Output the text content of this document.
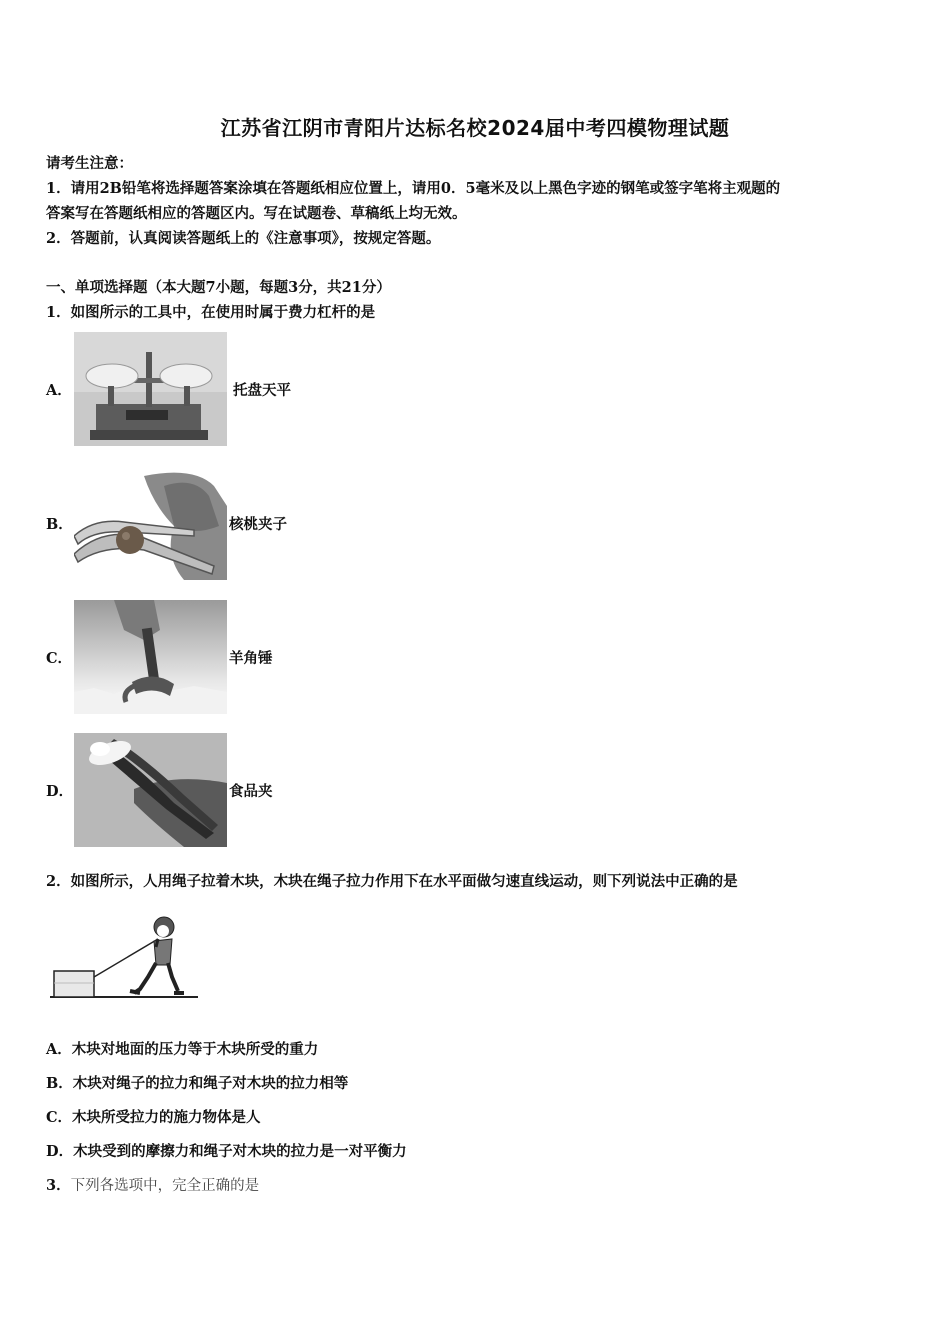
江苏省江阴市青阳片达标名校2024届中考四模物理试题
请考生注意：
1．请用2B铅笔将选择题答案涂填在答题纸相应位置上，请用0．5毫米及以上黑色字迹的钢笔或签字笔将主观题的
答案写在答题纸相应的答题区内。写在试题卷、草稿纸上均无效。
2．答题前，认真阅读答题纸上的《注意事项》，按规定答题。
一、单项选择题（本大题7小题，每题3分，共21分）
1．如图所示的工具中，在使用时属于费力杠杆的是
A．	托盘天平
B．	核桃夹子
C．	羊角锤
D．	食品夹
2．如图所示，人用绳子拉着木块，木块在绳子拉力作用下在水平面做匀速直线运动，则下列说法中正确的是
A．木块对地面的压力等于木块所受的重力
B．木块对绳子的拉力和绳子对木块的拉力相等
C．木块所受拉力的施力物体是人
D．木块受到的摩擦力和绳子对木块的拉力是一对平衡力
3．下列各选项中，完全正确的是
